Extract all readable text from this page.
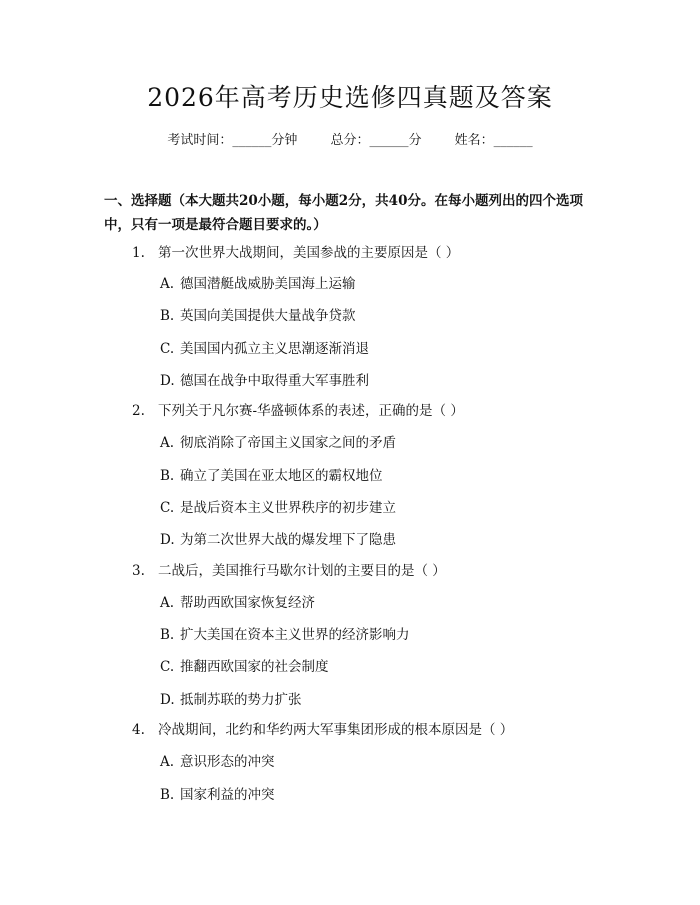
2026年高考历史选修四真题及答案
考试时间：______分钟	总分：______分	姓名：______
一、选择题（本大题共20小题，每小题2分，共40分。在每小题列出的四个选项中，只有一项是最符合题目要求的。）
1. 第一次世界大战期间，美国参战的主要原因是（ ）
A. 德国潜艇战威胁美国海上运输
B. 英国向美国提供大量战争贷款
C. 美国国内孤立主义思潮逐渐消退
D. 德国在战争中取得重大军事胜利
2. 下列关于凡尔赛-华盛顿体系的表述，正确的是（ ）
A. 彻底消除了帝国主义国家之间的矛盾
B. 确立了美国在亚太地区的霸权地位
C. 是战后资本主义世界秩序的初步建立
D. 为第二次世界大战的爆发埋下了隐患
3. 二战后，美国推行马歇尔计划的主要目的是（ ）
A. 帮助西欧国家恢复经济
B. 扩大美国在资本主义世界的经济影响力
C. 推翻西欧国家的社会制度
D. 抵制苏联的势力扩张
4. 冷战期间，北约和华约两大军事集团形成的根本原因是（ ）
A. 意识形态的冲突
B. 国家利益的冲突
